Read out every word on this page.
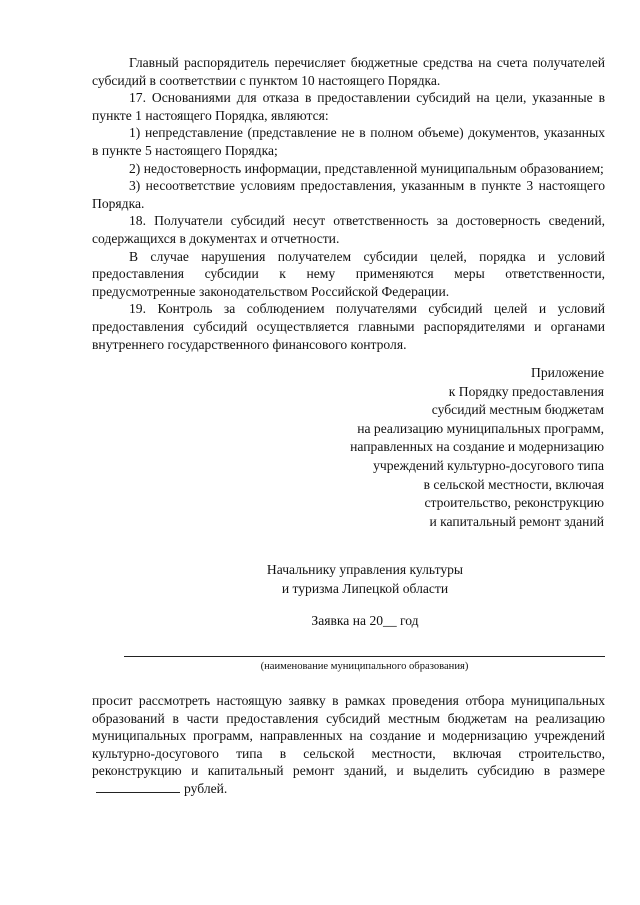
Главный распорядитель перечисляет бюджетные средства на счета получателей субсидий в соответствии с пунктом 10 настоящего Порядка.

17. Основаниями для отказа в предоставлении субсидий на цели, указанные в пункте 1 настоящего Порядка, являются:

1) непредставление (представление не в полном объеме) документов, указанных в пункте 5 настоящего Порядка;

2) недостоверность информации, представленной муниципальным образованием;

3) несоответствие условиям предоставления, указанным в пункте 3 настоящего Порядка.

18. Получатели субсидий несут ответственность за достоверность сведений, содержащихся в документах и отчетности.

В случае нарушения получателем субсидии целей, порядка и условий предоставления субсидии к нему применяются меры ответственности, предусмотренные законодательством Российской Федерации.

19. Контроль за соблюдением получателями субсидий целей и условий предоставления субсидий осуществляется главными распорядителями и органами внутреннего государственного финансового контроля.

Приложение
к Порядку предоставления
субсидий местным бюджетам
на реализацию муниципальных программ,
направленных на создание и модернизацию
учреждений культурно-досугового типа
в сельской местности, включая
строительство, реконструкцию
и капитальный ремонт зданий
Начальнику управления культуры
и туризма Липецкой области
Заявка на 20__ год
(наименование муниципального образования)

просит рассмотреть настоящую заявку в рамках проведения отбора муниципальных образований в части предоставления субсидий местным бюджетам на реализацию муниципальных программ, направленных на создание и модернизацию учреждений культурно-досугового типа в сельской местности, включая строительство, реконструкцию и капитальный ремонт зданий, и выделить субсидию в размерерублей.
